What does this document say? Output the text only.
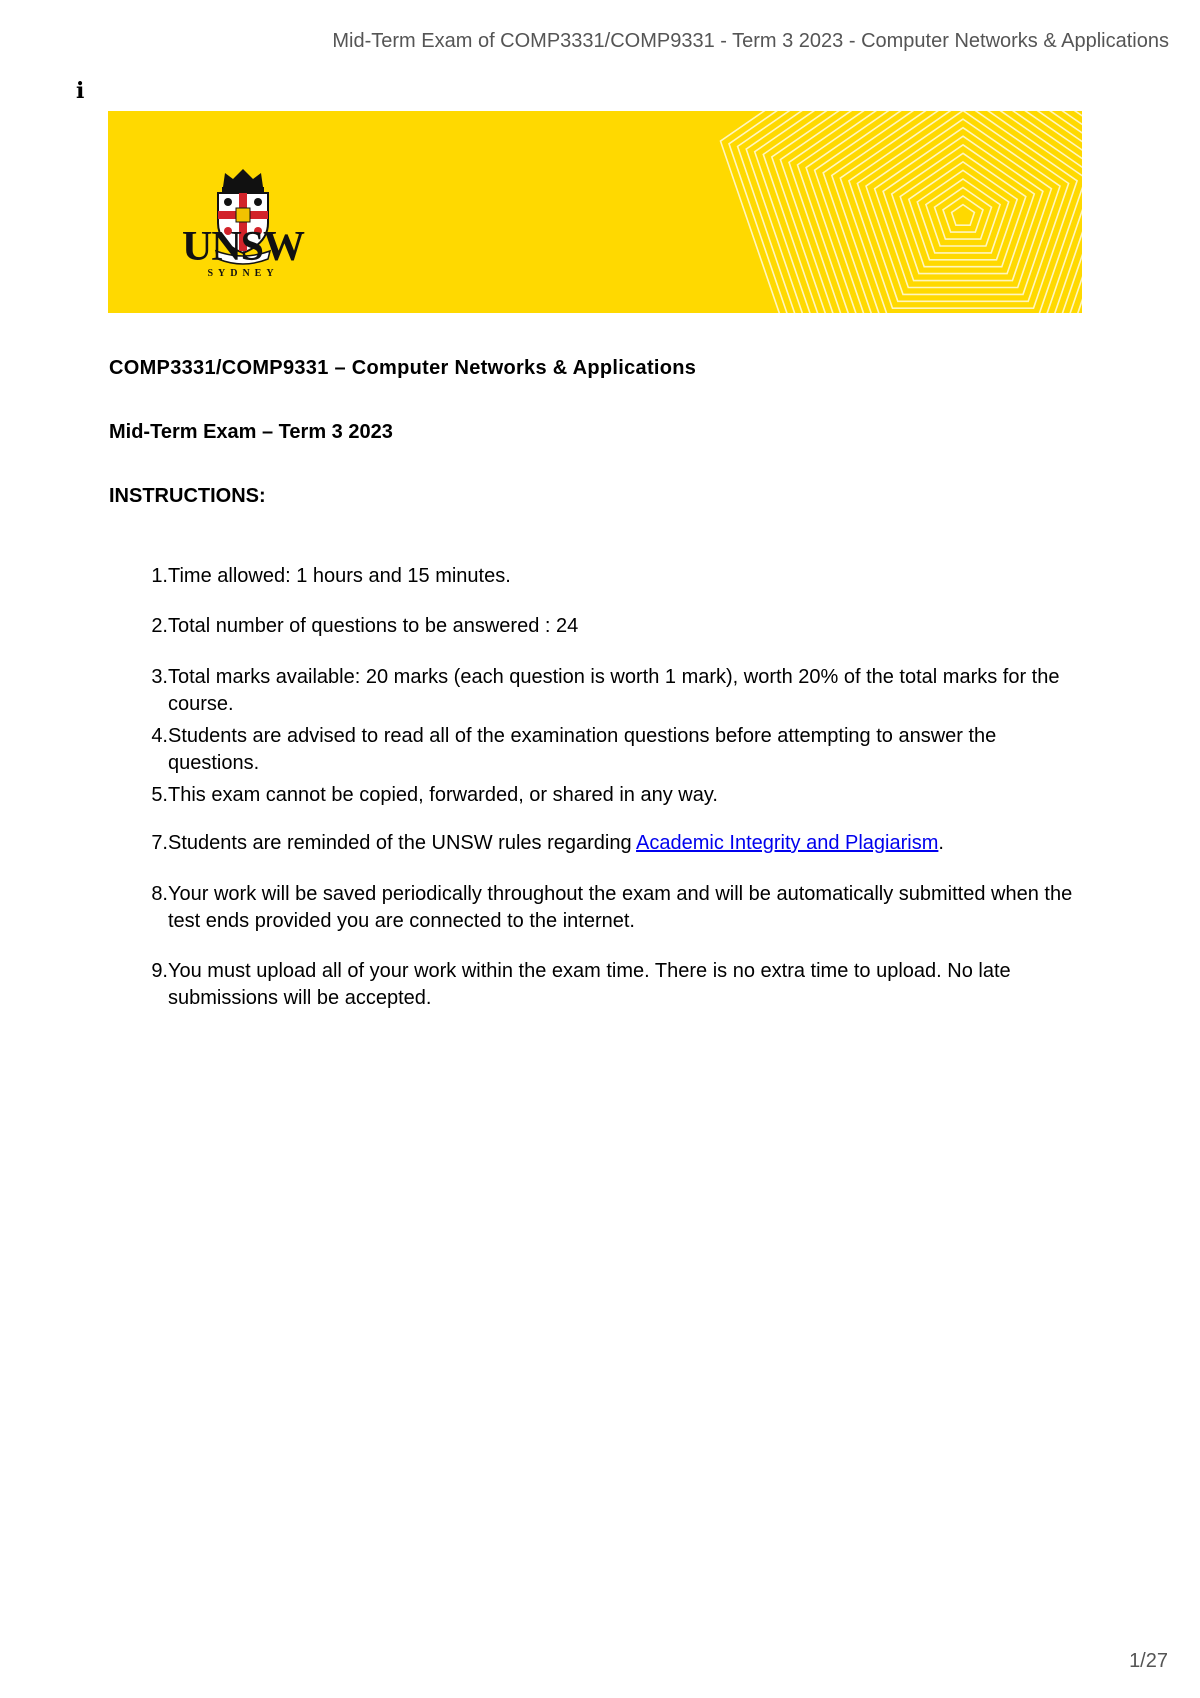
Mid-Term Exam of COMP3331/COMP9331 - Term 3 2023 - Computer Networks & Applications
i
UNSW
SYDNEY
COMP3331/COMP9331 – Computer Networks & Applications
Mid-Term Exam – Term 3 2023
INSTRUCTIONS:
1. Time allowed: 1 hours and 15 minutes.
2. Total number of questions to be answered : 24
3. Total marks available: 20 marks (each question is worth 1 mark), worth 20% of the total marks for the course.
4. Students are advised to read all of the examination questions before attempting to answer the questions.
5. This exam cannot be copied, forwarded, or shared in any way.
7. Students are reminded of the UNSW rules regarding Academic Integrity and Plagiarism.
8. Your work will be saved periodically throughout the exam and will be automatically submitted when the test ends provided you are connected to the internet.
9. You must upload all of your work within the exam time. There is no extra time to upload. No late submissions will be accepted.
1/27
